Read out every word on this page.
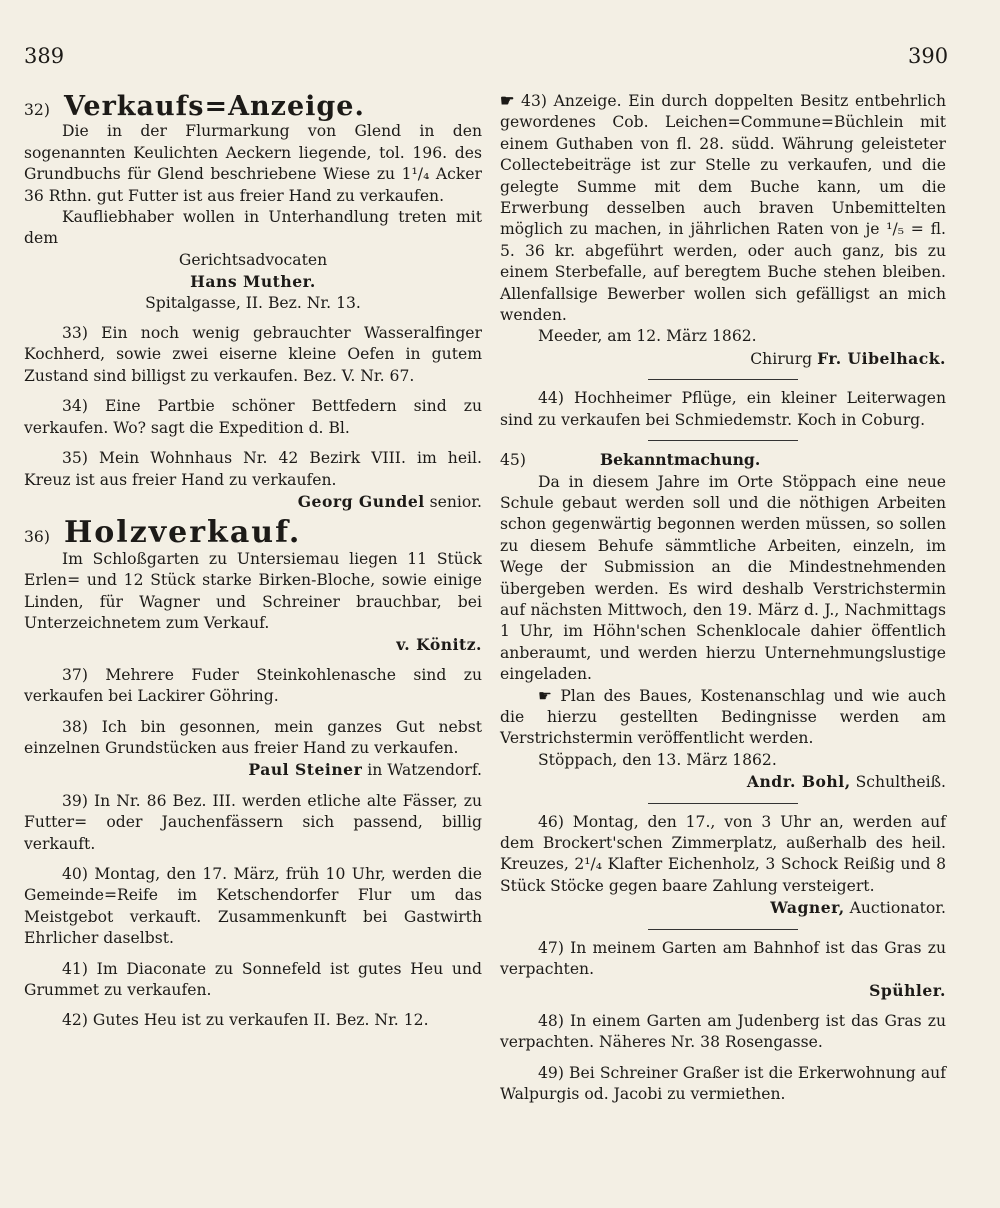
389	390
32) Verkaufs=Anzeige.

Die in der Flurmarkung von Glend in den sogenannten Keulichten Aeckern liegende, tol. 196. des Grundbuchs für Glend beschriebene Wiese zu 1¹/₄ Acker 36 Rthn. gut Futter ist aus freier Hand zu verkaufen.

Kaufliebhaber wollen in Unterhandlung treten mit dem

Gerichtsadvocaten

Hans Muther.

Spitalgasse, II. Bez. Nr. 13.

33) Ein noch wenig gebrauchter Wasseralfinger Kochherd, sowie zwei eiserne kleine Oefen in gutem Zustand sind billigst zu verkaufen. Bez. V. Nr. 67.

34) Eine Partbie schöner Bettfedern sind zu verkaufen. Wo? sagt die Expedition d. Bl.

35) Mein Wohnhaus Nr. 42 Bezirk VIII. im heil. Kreuz ist aus freier Hand zu verkaufen.

Georg Gundel senior.

36) Holzverkauf.

Im Schloßgarten zu Untersiemau liegen 11 Stück Erlen= und 12 Stück starke Birken-Bloche, sowie einige Linden, für Wagner und Schreiner brauchbar, bei Unterzeichnetem zum Verkauf.

v. Könitz.

37) Mehrere Fuder Steinkohlenasche sind zu verkaufen bei Lackirer Göhring.

38) Ich bin gesonnen, mein ganzes Gut nebst einzelnen Grundstücken aus freier Hand zu verkaufen.

Paul Steiner in Watzendorf.

39) In Nr. 86 Bez. III. werden etliche alte Fässer, zu Futter= oder Jauchenfässern sich passend, billig verkauft.

40) Montag, den 17. März, früh 10 Uhr, werden die Gemeinde=Reife im Ketschendorfer Flur um das Meistgebot verkauft. Zusammenkunft bei Gastwirth Ehrlicher daselbst.

41) Im Diaconate zu Sonnefeld ist gutes Heu und Grummet zu verkaufen.

42) Gutes Heu ist zu verkaufen II. Bez. Nr. 12.

☛ 43) Anzeige. Ein durch doppelten Besitz entbehrlich gewordenes Cob. Leichen=Commune=Büchlein mit einem Guthaben von fl. 28. südd. Währung geleisteter Collectebeiträge ist zur Stelle zu verkaufen, und die gelegte Summe mit dem Buche kann, um die Erwerbung desselben auch braven Unbemittelten möglich zu machen, in jährlichen Raten von je ¹/₅ = fl. 5. 36 kr. abgeführt werden, oder auch ganz, bis zu einem Sterbefalle, auf beregtem Buche stehen bleiben. Allenfallsige Bewerber wollen sich gefälligst an mich wenden.

Meeder, am 12. März 1862.

Chirurg Fr. Uibelhack.

44) Hochheimer Pflüge, ein kleiner Leiterwagen sind zu verkaufen bei Schmiedemstr. Koch in Coburg.

45)	Bekanntmachung.

Da in diesem Jahre im Orte Stöppach eine neue Schule gebaut werden soll und die nöthigen Arbeiten schon gegenwärtig begonnen werden müssen, so sollen zu diesem Behufe sämmtliche Arbeiten, einzeln, im Wege der Submission an die Mindestnehmenden übergeben werden. Es wird deshalb Verstrichstermin auf nächsten Mittwoch, den 19. März d. J., Nachmittags 1 Uhr, im Höhn'schen Schenklocale dahier öffentlich anberaumt, und werden hierzu Unternehmungslustige eingeladen.

☛ Plan des Baues, Kostenanschlag und wie auch die hierzu gestellten Bedingnisse werden am Verstrichstermin veröffentlicht werden.

Stöppach, den 13. März 1862.

Andr. Bohl, Schultheiß.

46) Montag, den 17., von 3 Uhr an, werden auf dem Brockert'schen Zimmerplatz, außerhalb des heil. Kreuzes, 2¹/₄ Klafter Eichenholz, 3 Schock Reißig und 8 Stück Stöcke gegen baare Zahlung versteigert.

Wagner, Auctionator.

47) In meinem Garten am Bahnhof ist das Gras zu verpachten.

Spühler.

48) In einem Garten am Judenberg ist das Gras zu verpachten. Näheres Nr. 38 Rosengasse.

49) Bei Schreiner Graßer ist die Erkerwohnung auf Walpurgis od. Jacobi zu vermiethen.
